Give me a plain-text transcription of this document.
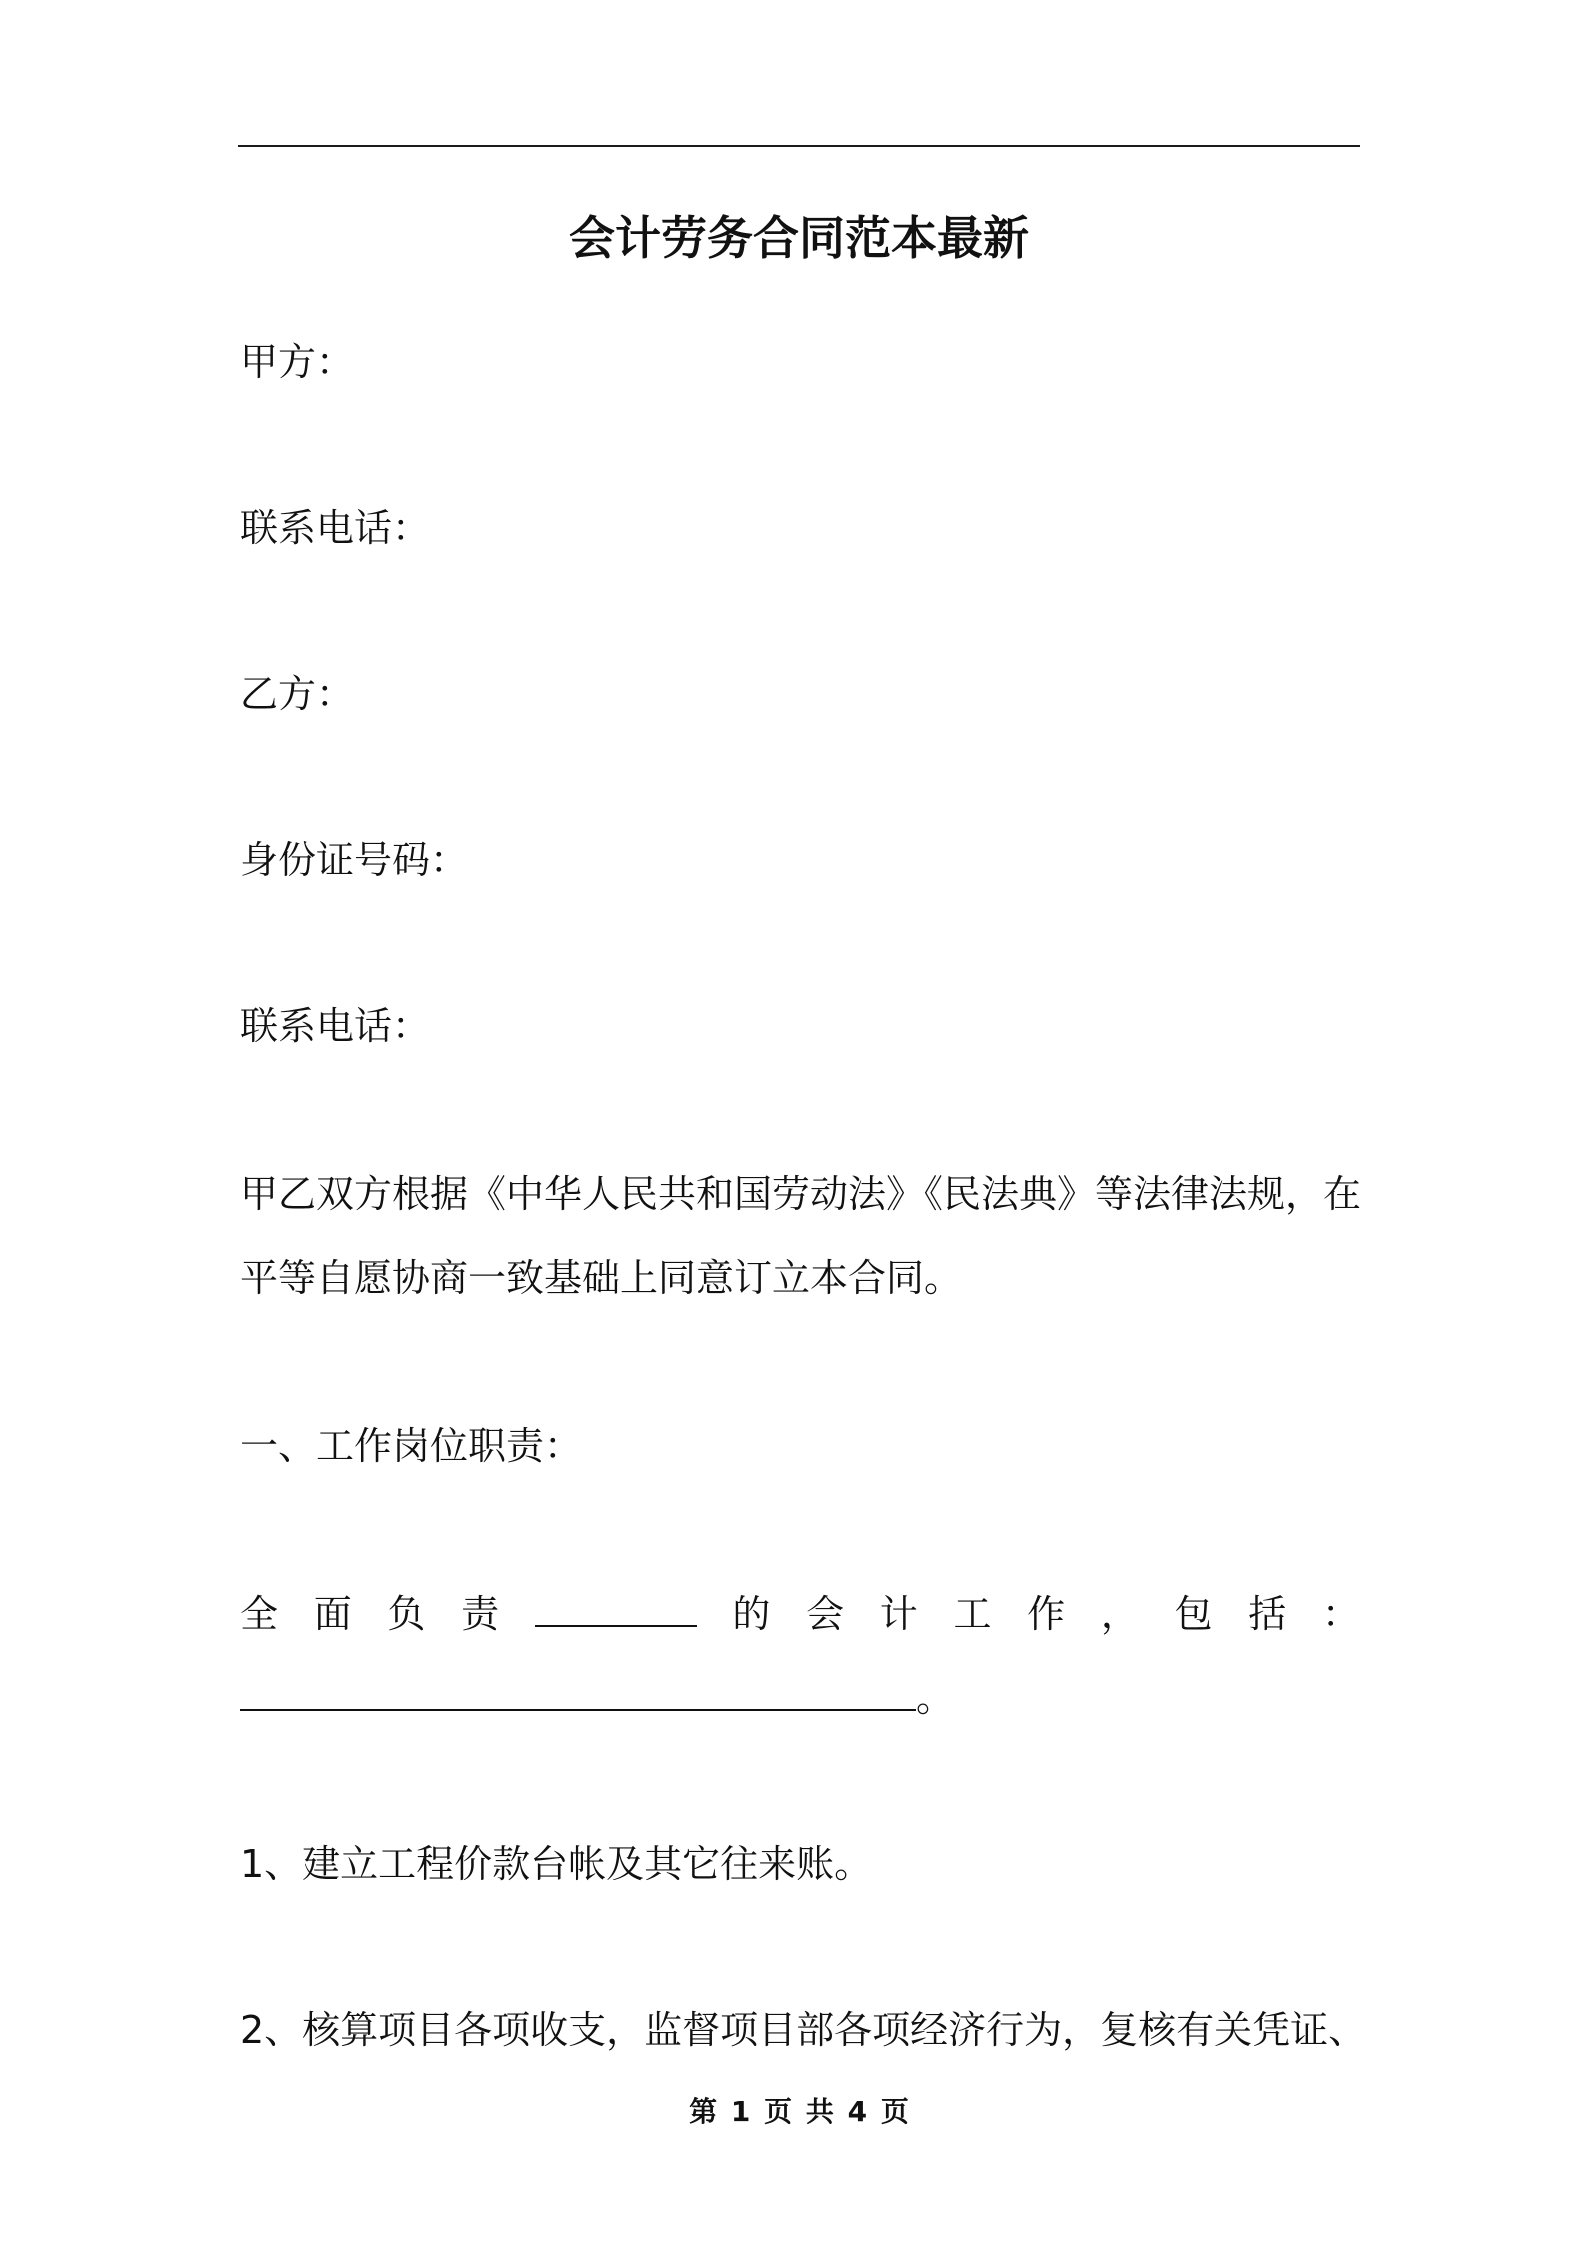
会计劳务合同范本最新
甲方：
联系电话：
乙方：
身份证号码：
联系电话：
甲乙双方根据《中华人民共和国劳动法》《民法典》等法律法规，在
平等自愿协商一致基础上同意订立本合同。
一、工作岗位职责：
全 面 负 责	的 会 计 工 作 ， 包 括 ：
。
1、建立工程价款台帐及其它往来账。
2、核算项目各项收支，监督项目部各项经济行为，复核有关凭证、
第 1 页 共 4 页
